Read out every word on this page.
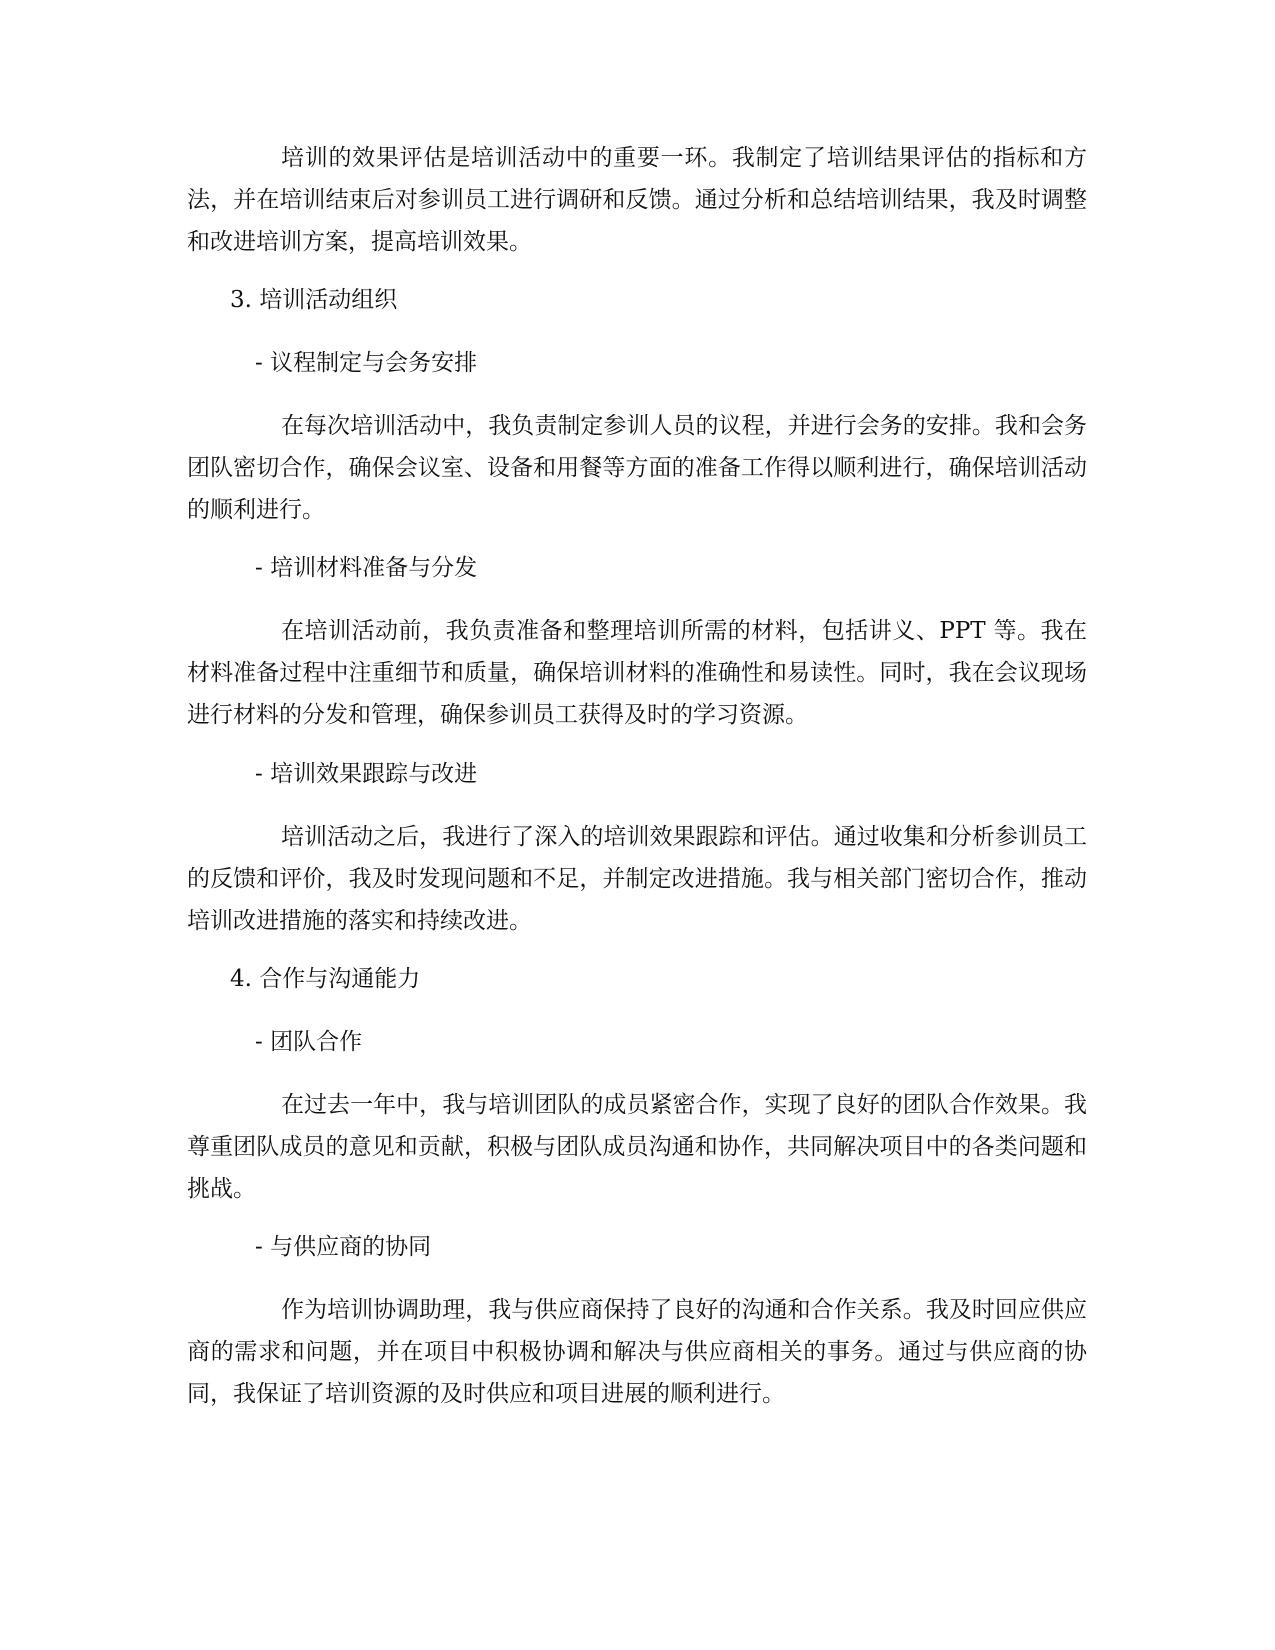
培训的效果评估是培训活动中的重要一环。我制定了培训结果评估的指标和方法，并在培训结束后对参训员工进行调研和反馈。通过分析和总结培训结果，我及时调整和改进培训方案，提高培训效果。

3. 培训活动组织

- 议程制定与会务安排

在每次培训活动中，我负责制定参训人员的议程，并进行会务的安排。我和会务团队密切合作，确保会议室、设备和用餐等方面的准备工作得以顺利进行，确保培训活动的顺利进行。

- 培训材料准备与分发

在培训活动前，我负责准备和整理培训所需的材料，包括讲义、PPT 等。我在材料准备过程中注重细节和质量，确保培训材料的准确性和易读性。同时，我在会议现场进行材料的分发和管理，确保参训员工获得及时的学习资源。

- 培训效果跟踪与改进

培训活动之后，我进行了深入的培训效果跟踪和评估。通过收集和分析参训员工的反馈和评价，我及时发现问题和不足，并制定改进措施。我与相关部门密切合作，推动培训改进措施的落实和持续改进。

4. 合作与沟通能力

- 团队合作

在过去一年中，我与培训团队的成员紧密合作，实现了良好的团队合作效果。我尊重团队成员的意见和贡献，积极与团队成员沟通和协作，共同解决项目中的各类问题和挑战。

- 与供应商的协同

作为培训协调助理，我与供应商保持了良好的沟通和合作关系。我及时回应供应商的需求和问题，并在项目中积极协调和解决与供应商相关的事务。通过与供应商的协同，我保证了培训资源的及时供应和项目进展的顺利进行。
